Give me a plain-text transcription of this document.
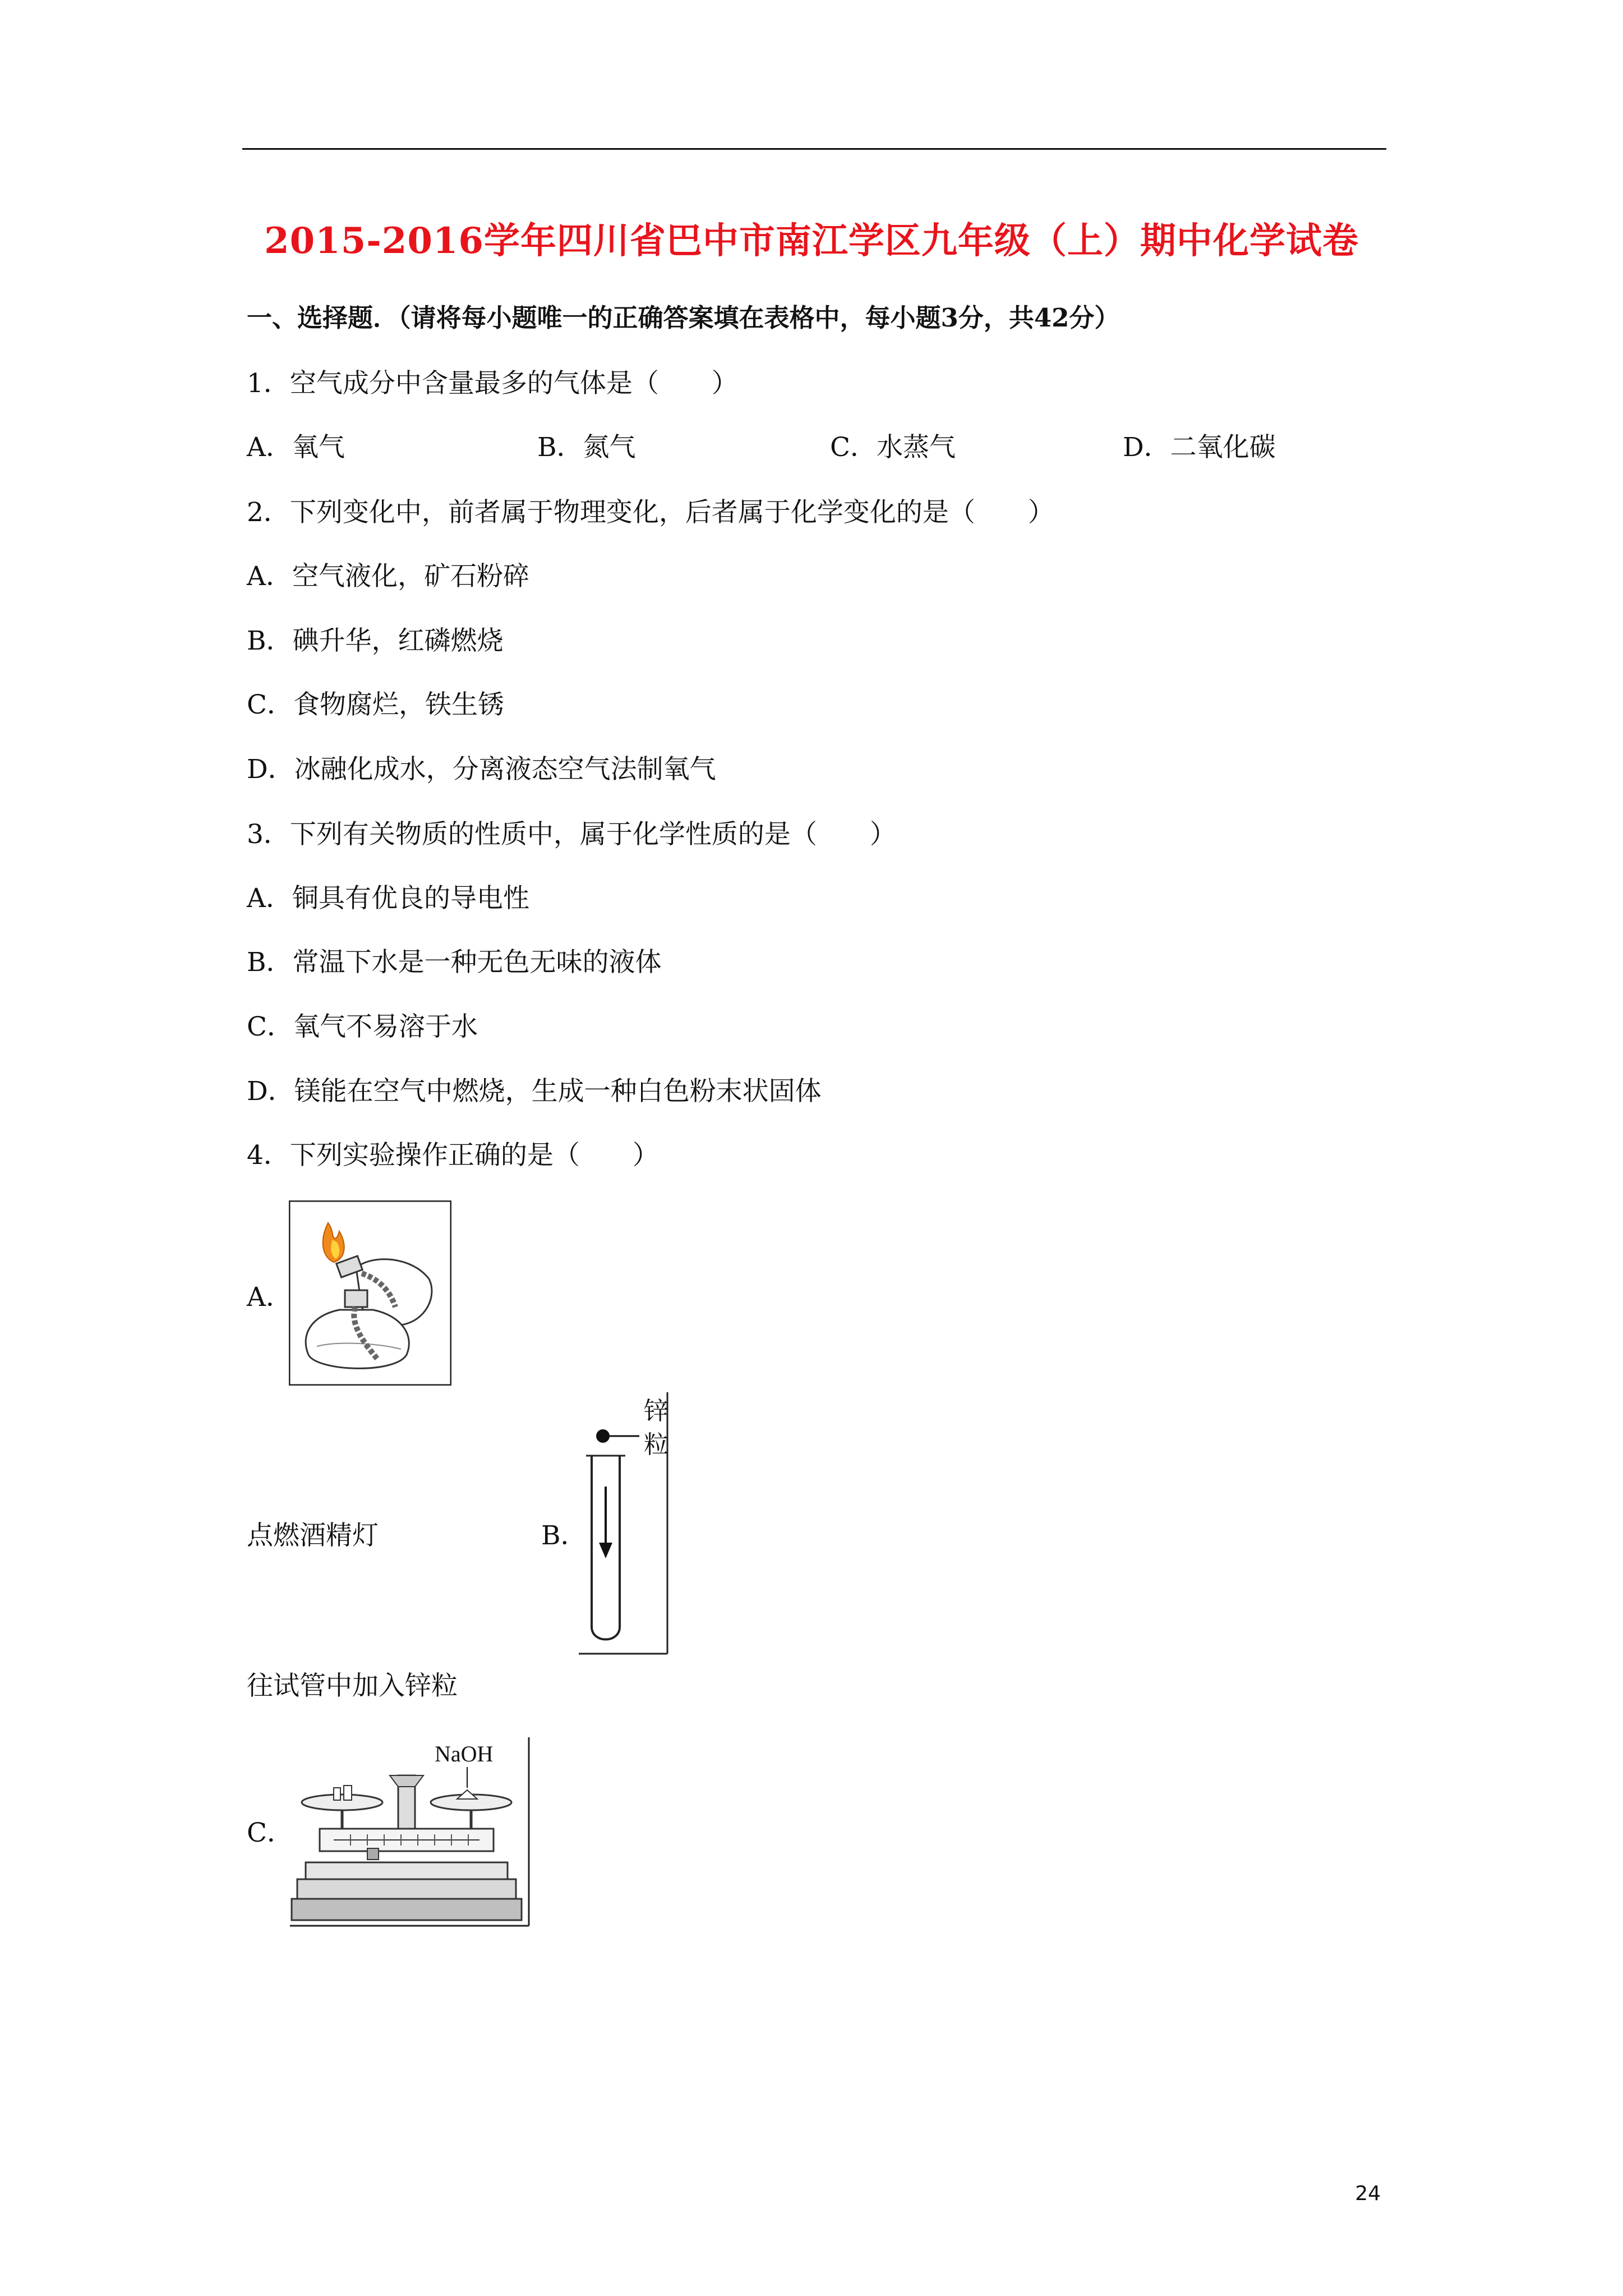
2015-2016学年四川省巴中市南江学区九年级（上）期中化学试卷
一、选择题．（请将每小题唯一的正确答案填在表格中，每小题3分，共42分）
1．空气成分中含量最多的气体是（　　）
A．氧气	B．氮气	C．水蒸气	D．二氧化碳
2．下列变化中，前者属于物理变化，后者属于化学变化的是（　　）
A．空气液化，矿石粉碎
B．碘升华，红磷燃烧
C．食物腐烂，铁生锈
D．冰融化成水，分离液态空气法制氧气
3．下列有关物质的性质中，属于化学性质的是（　　）
A．铜具有优良的导电性
B．常温下水是一种无色无味的液体
C．氧气不易溶于水
D．镁能在空气中燃烧，生成一种白色粉末状固体
4．下列实验操作正确的是（　　）
A．
点燃酒精灯	B．
锌
粒
往试管中加入锌粒
C．
NaOH
24
